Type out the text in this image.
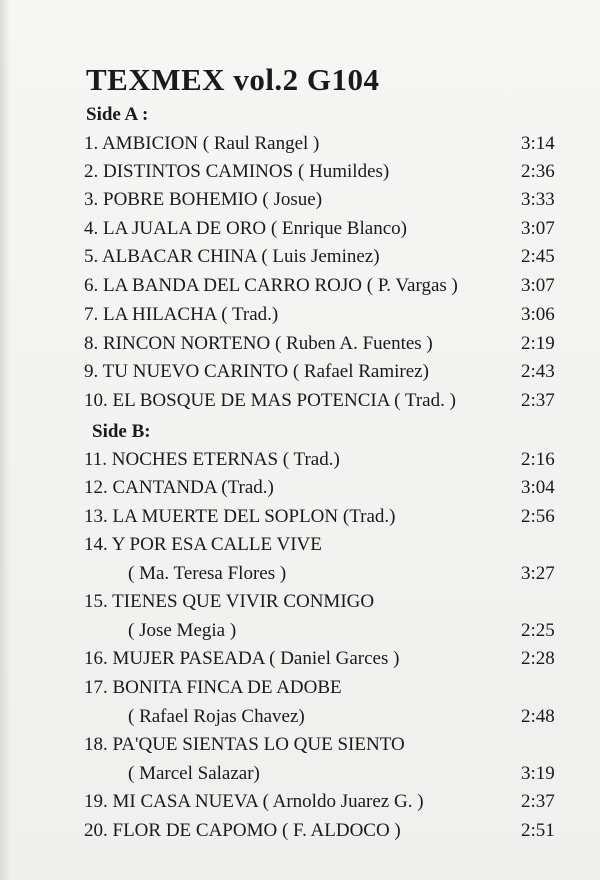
TEXMEX vol.2 G104
Side A :
1. AMBICION ( Raul Rangel )	3:14
2. DISTINTOS CAMINOS ( Humildes)	2:36
3. POBRE BOHEMIO ( Josue)	3:33
4. LA JUALA DE ORO ( Enrique Blanco)	3:07
5. ALBACAR CHINA ( Luis Jeminez)	2:45
6. LA BANDA DEL CARRO ROJO ( P. Vargas )	3:07
7. LA HILACHA ( Trad.)	3:06
8. RINCON NORTENO ( Ruben A. Fuentes )	2:19
9. TU NUEVO CARINTO ( Rafael Ramirez)	2:43
10. EL BOSQUE DE MAS POTENCIA ( Trad. )	2:37
Side B:
11. NOCHES ETERNAS ( Trad.)	2:16
12. CANTANDA (Trad.)	3:04
13. LA MUERTE DEL SOPLON (Trad.)	2:56
14. Y POR ESA CALLE VIVE
( Ma. Teresa Flores )	3:27
15. TIENES QUE VIVIR CONMIGO
( Jose Megia )	2:25
16. MUJER PASEADA ( Daniel Garces )	2:28
17. BONITA FINCA DE ADOBE
( Rafael Rojas Chavez)	2:48
18. PA'QUE SIENTAS LO QUE SIENTO
( Marcel Salazar)	3:19
19. MI CASA NUEVA ( Arnoldo Juarez G. )	2:37
20. FLOR DE CAPOMO ( F. ALDOCO )	2:51
